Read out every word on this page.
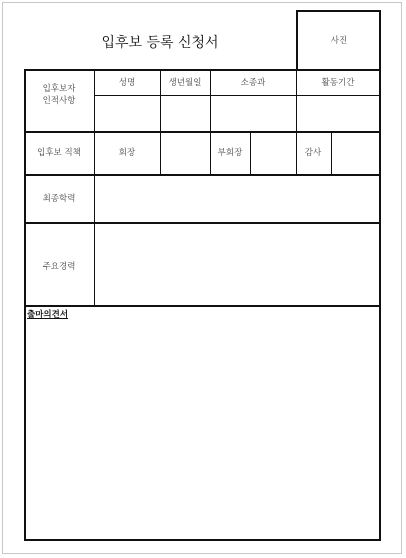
입후보 등록 신청서	사진
입후보자
인적사항
성명	생년월일	소종과	활동기간
입후보 직책	회장	부회장	감사
최종학력
주요경력
출마의견서
